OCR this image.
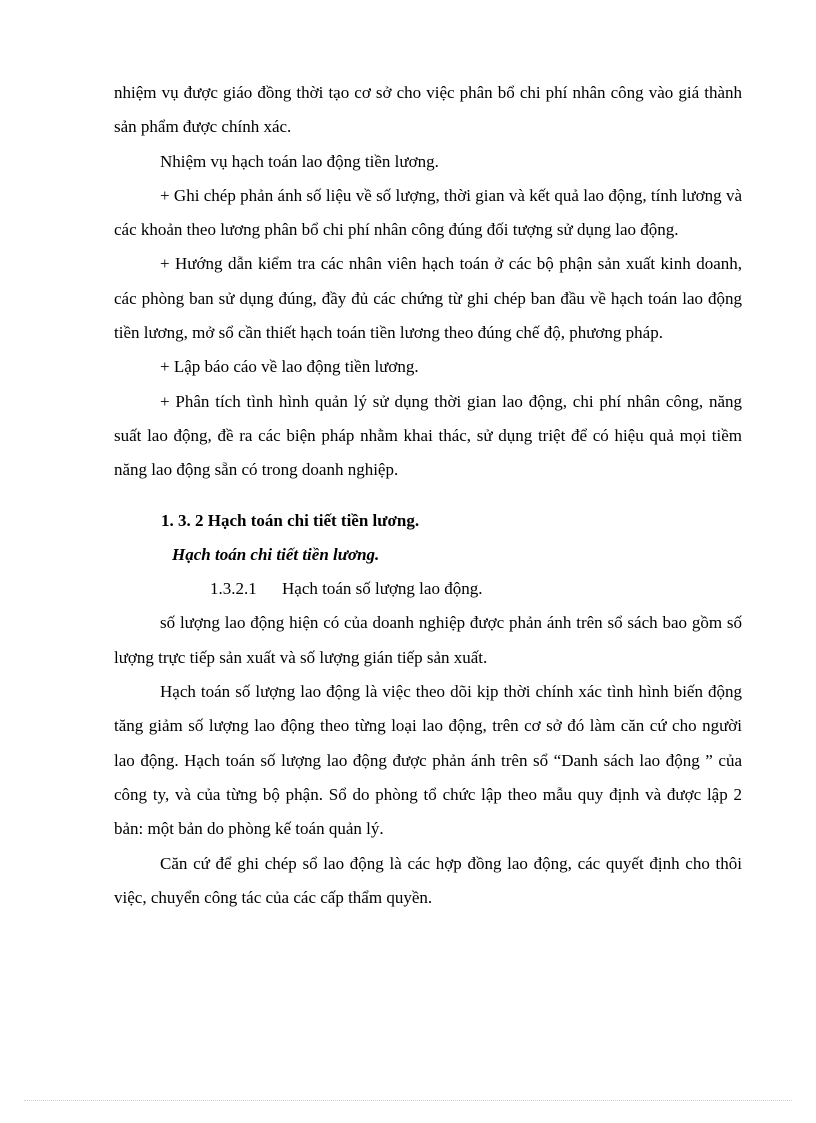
nhiệm vụ được giáo đồng thời tạo cơ sở cho việc phân bổ chi phí nhân công vào giá thành sản phẩm được chính xác.

Nhiệm vụ hạch toán lao động tiền lương.

+ Ghi chép phản ánh số liệu về số lượng, thời gian và kết quả lao động, tính lương và các khoản theo lương phân bổ chi phí nhân công đúng đối tượng sử dụng lao động.

+ Hướng dẫn kiểm tra các nhân viên hạch toán ở các bộ phận sản xuất kinh doanh, các phòng ban sử dụng đúng, đầy đủ các chứng từ ghi chép ban đầu về hạch toán lao động tiền lương, mở sổ cần thiết hạch toán tiền lương theo đúng chế độ, phương pháp.

+ Lập báo cáo về lao động tiền lương.

+ Phân tích tình hình quản lý sử dụng thời gian lao động, chi phí nhân công, năng suất lao động, đề ra các biện pháp nhằm khai thác, sử dụng triệt để có hiệu quả mọi tiềm năng lao động sẵn có trong doanh nghiệp.

1. 3. 2 Hạch toán chi tiết tiền lương.

Hạch toán chi tiết tiền lương.

1.3.2.1 Hạch toán số lượng lao động.

số lượng lao động hiện có của doanh nghiệp được phản ánh trên sổ sách bao gồm số lượng trực tiếp sản xuất và số lượng gián tiếp sản xuất.

Hạch toán số lượng lao động là việc theo dõi kịp thời chính xác tình hình biến động tăng giảm số lượng lao động theo từng loại lao động, trên cơ sở đó làm căn cứ cho người lao động. Hạch toán số lượng lao động được phản ánh trên sổ “Danh sách lao động ” của công ty, và của từng bộ phận. Sổ do phòng tổ chức lập theo mẫu quy định và được lập 2 bản: một bản do phòng kế toán quản lý.

Căn cứ để ghi chép sổ lao động là các hợp đồng lao động, các quyết định cho thôi việc, chuyển công tác của các cấp thẩm quyền.
